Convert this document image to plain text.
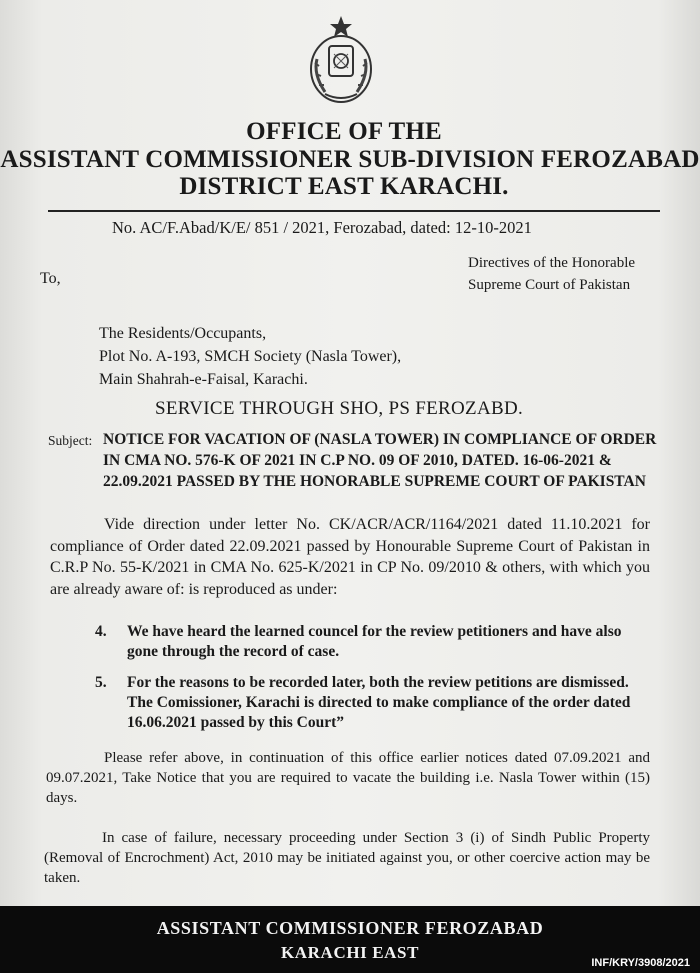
OFFICE OF THE
ASSISTANT COMMISSIONER SUB-DIVISION FEROZABAD
DISTRICT EAST KARACHI.
No. AC/F.Abad/K/E/ 851 / 2021, Ferozabad, dated: 12-10-2021
Directives of the Honorable
Supreme Court of Pakistan
To,
The Residents/Occupants,
Plot No. A-193, SMCH Society (Nasla Tower),
Main Shahrah-e-Faisal, Karachi.
SERVICE THROUGH SHO, PS FEROZABD.
Subject: NOTICE FOR VACATION OF (NASLA TOWER) IN COMPLIANCE OF ORDER IN CMA NO. 576-K OF 2021 IN C.P NO. 09 OF 2010, DATED. 16-06-2021 & 22.09.2021 PASSED BY THE HONORABLE SUPREME COURT OF PAKISTAN
Vide direction under letter No. CK/ACR/ACR/1164/2021 dated 11.10.2021 for compliance of Order dated 22.09.2021 passed by Honourable Supreme Court of Pakistan in C.R.P No. 55-K/2021 in CMA No. 625-K/2021 in CP No. 09/2010 & others, with which you are already aware of: is reproduced as under:
4.	We have heard the learned councel for the review petitioners and have also gone through the record of case.
5.	For the reasons to be recorded later, both the review petitions are dismissed. The Comissioner, Karachi is directed to make compliance of the order dated 16.06.2021 passed by this Court”
Please refer above, in continuation of this office earlier notices dated 07.09.2021 and 09.07.2021, Take Notice that you are required to vacate the building i.e. Nasla Tower within (15) days.
In case of failure, necessary proceeding under Section 3 (i) of Sindh Public Property (Removal of Encrochment) Act, 2010 may be initiated against you, or other coercive action may be taken.
ASSISTANT COMMISSIONER FEROZABAD
KARACHI EAST
INF/KRY/3908/2021
